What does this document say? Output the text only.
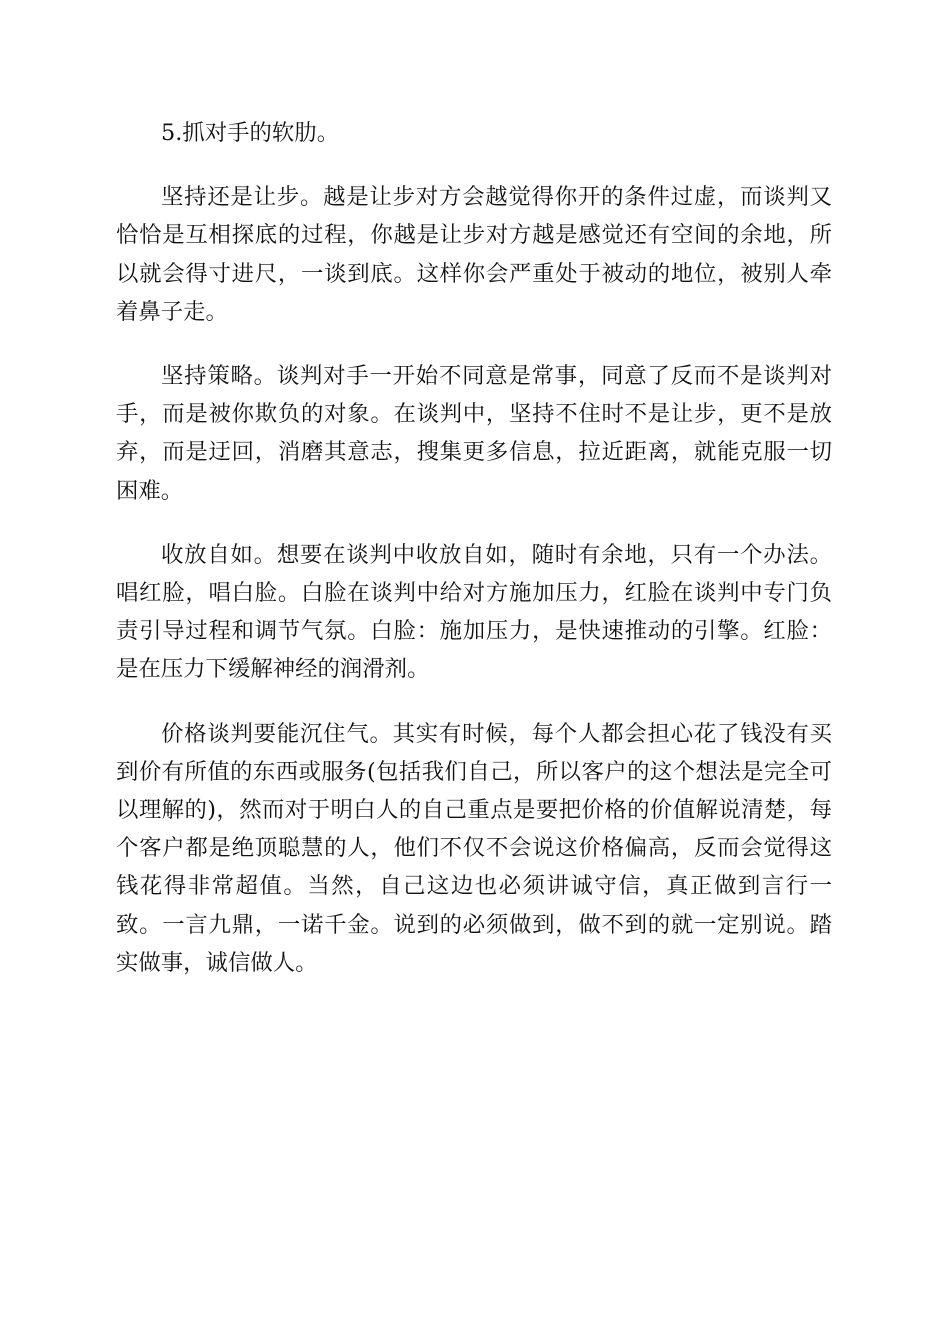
5.抓对手的软肋。

坚持还是让步。越是让步对方会越觉得你开的条件过虚，而谈判又恰恰是互相探底的过程，你越是让步对方越是感觉还有空间的余地，所以就会得寸进尺，一谈到底。这样你会严重处于被动的地位，被别人牵着鼻子走。

坚持策略。谈判对手一开始不同意是常事，同意了反而不是谈判对手，而是被你欺负的对象。在谈判中，坚持不住时不是让步，更不是放弃，而是迂回，消磨其意志，搜集更多信息，拉近距离，就能克服一切困难。

收放自如。想要在谈判中收放自如，随时有余地，只有一个办法。唱红脸，唱白脸。白脸在谈判中给对方施加压力，红脸在谈判中专门负责引导过程和调节气氛。白脸：施加压力，是快速推动的引擎。红脸：是在压力下缓解神经的润滑剂。

价格谈判要能沉住气。其实有时候，每个人都会担心花了钱没有买到价有所值的东西或服务(包括我们自己，所以客户的这个想法是完全可以理解的)，然而对于明白人的自己重点是要把价格的价值解说清楚，每个客户都是绝顶聪慧的人，他们不仅不会说这价格偏高，反而会觉得这钱花得非常超值。当然，自己这边也必须讲诚守信，真正做到言行一致。一言九鼎，一诺千金。说到的必须做到，做不到的就一定别说。踏实做事，诚信做人。
